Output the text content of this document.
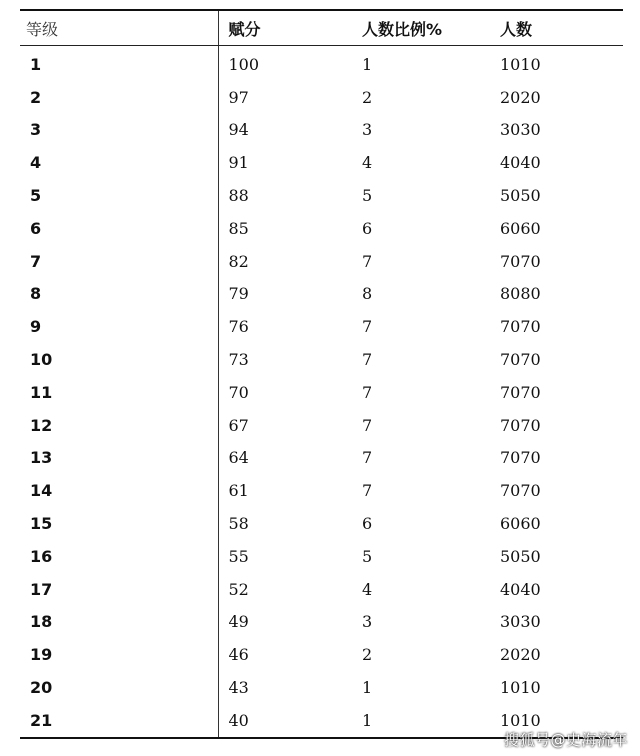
等级	赋分	人数比例%	人数
1	100	1	1010
2	97	2	2020
3	94	3	3030
4	91	4	4040
5	88	5	5050
6	85	6	6060
7	82	7	7070
8	79	8	8080
9	76	7	7070
10	73	7	7070
11	70	7	7070
12	67	7	7070
13	64	7	7070
14	61	7	7070
15	58	6	6060
16	55	5	5050
17	52	4	4040
18	49	3	3030
19	46	2	2020
20	43	1	1010
21	40	1	1010
搜狐号@史海流年
